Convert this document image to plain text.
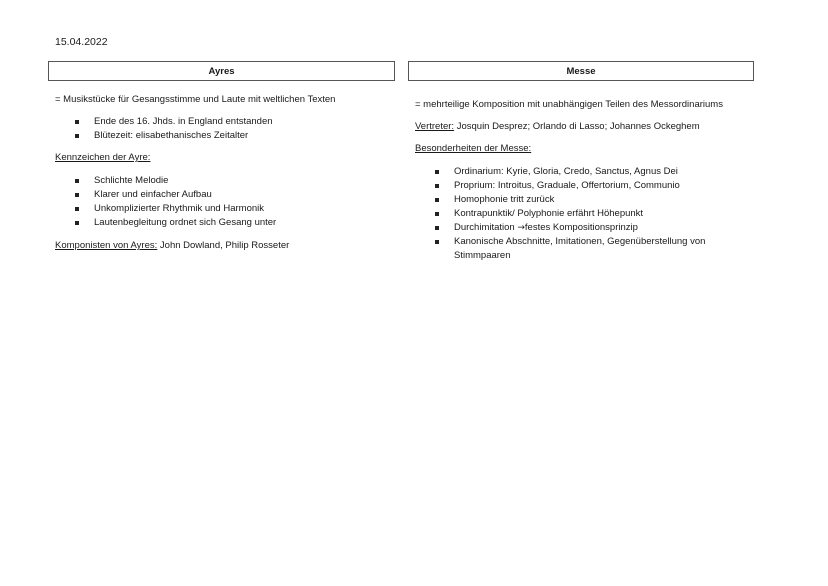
15.04.2022
Ayres	Messe

= Musikstücke für Gesangsstimme und Laute mit weltlichen Texten

Ende des 16. Jhds. in England entstanden
Blütezeit: elisabethanisches Zeitalter

Kennzeichen der Ayre:

Schlichte Melodie
Klarer und einfacher Aufbau
Unkomplizierter Rhythmik und Harmonik
Lautenbegleitung ordnet sich Gesang unter

Komponisten von Ayres: John Dowland, Philip Rosseter

= mehrteilige Komposition mit unabhängigen Teilen des Messordinariums

Vertreter: Josquin Desprez; Orlando di Lasso; Johannes Ockeghem

Besonderheiten der Messe:

Ordinarium: Kyrie, Gloria, Credo, Sanctus, Agnus Dei
Proprium: Introitus, Graduale, Offertorium, Communio
Homophonie tritt zurück
Kontrapunktik/ Polyphonie erfährt Höhepunkt
Durchimitation →festes Kompositionsprinzip
Kanonische Abschnitte, Imitationen, Gegenüberstellung von Stimmpaaren
